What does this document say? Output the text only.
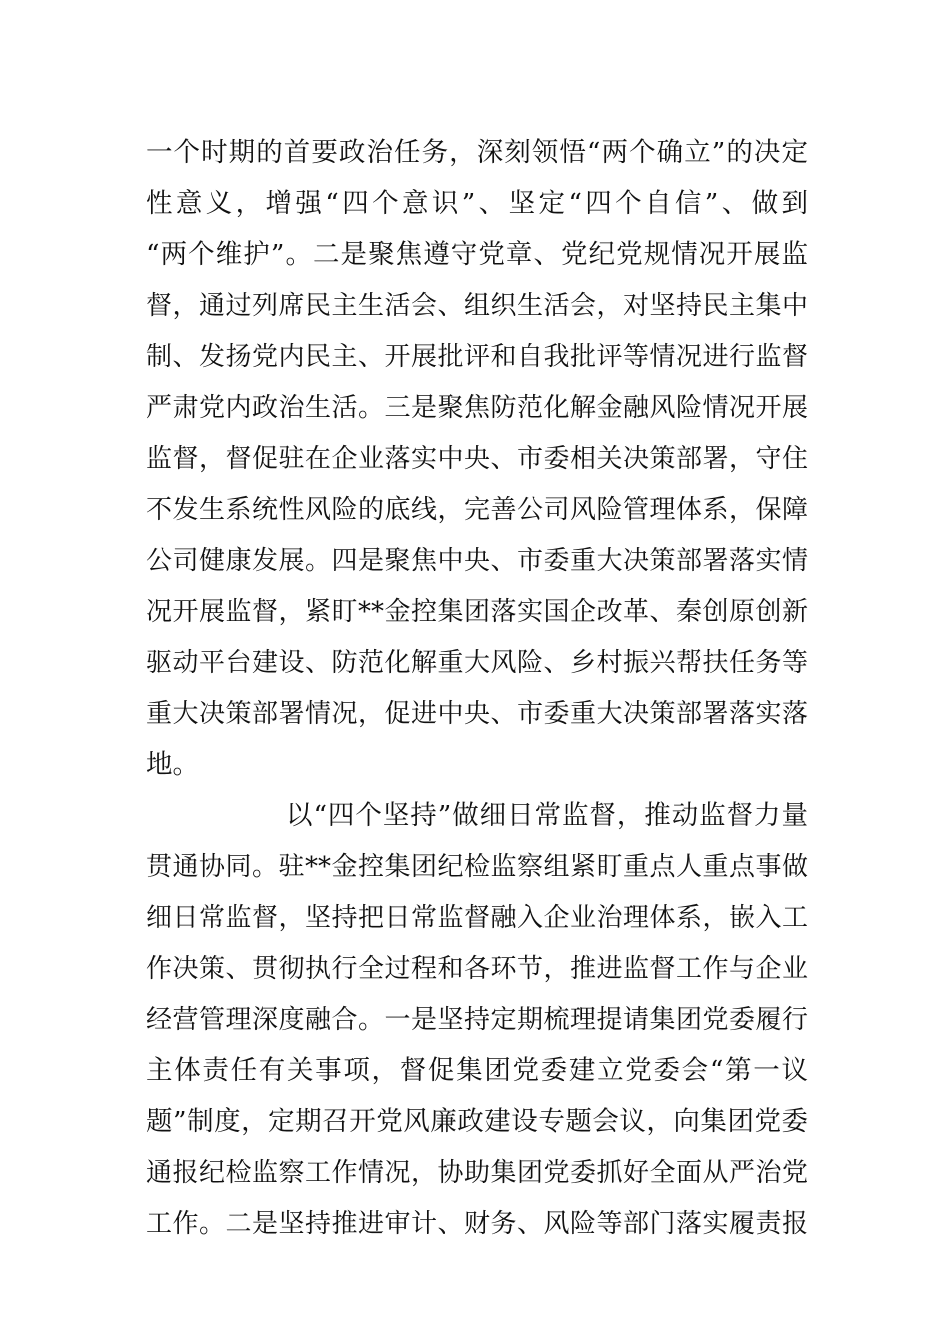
一个时期的首要政治任务，深刻领悟“两个确立”的决定
性意义，增强“四个意识”、坚定“四个自信”、做到
“两个维护”。二是聚焦遵守党章、党纪党规情况开展监
督，通过列席民主生活会、组织生活会，对坚持民主集中
制、发扬党内民主、开展批评和自我批评等情况进行监督
严肃党内政治生活。三是聚焦防范化解金融风险情况开展
监督，督促驻在企业落实中央、市委相关决策部署，守住
不发生系统性风险的底线，完善公司风险管理体系，保障
公司健康发展。四是聚焦中央、市委重大决策部署落实情
况开展监督，紧盯**金控集团落实国企改革、秦创原创新
驱动平台建设、防范化解重大风险、乡村振兴帮扶任务等
重大决策部署情况，促进中央、市委重大决策部署落实落
地。
以“四个坚持”做细日常监督，推动监督力量
贯通协同。驻**金控集团纪检监察组紧盯重点人重点事做
细日常监督，坚持把日常监督融入企业治理体系，嵌入工
作决策、贯彻执行全过程和各环节，推进监督工作与企业
经营管理深度融合。一是坚持定期梳理提请集团党委履行
主体责任有关事项，督促集团党委建立党委会“第一议
题”制度，定期召开党风廉政建设专题会议，向集团党委
通报纪检监察工作情况，协助集团党委抓好全面从严治党
工作。二是坚持推进审计、财务、风险等部门落实履责报
